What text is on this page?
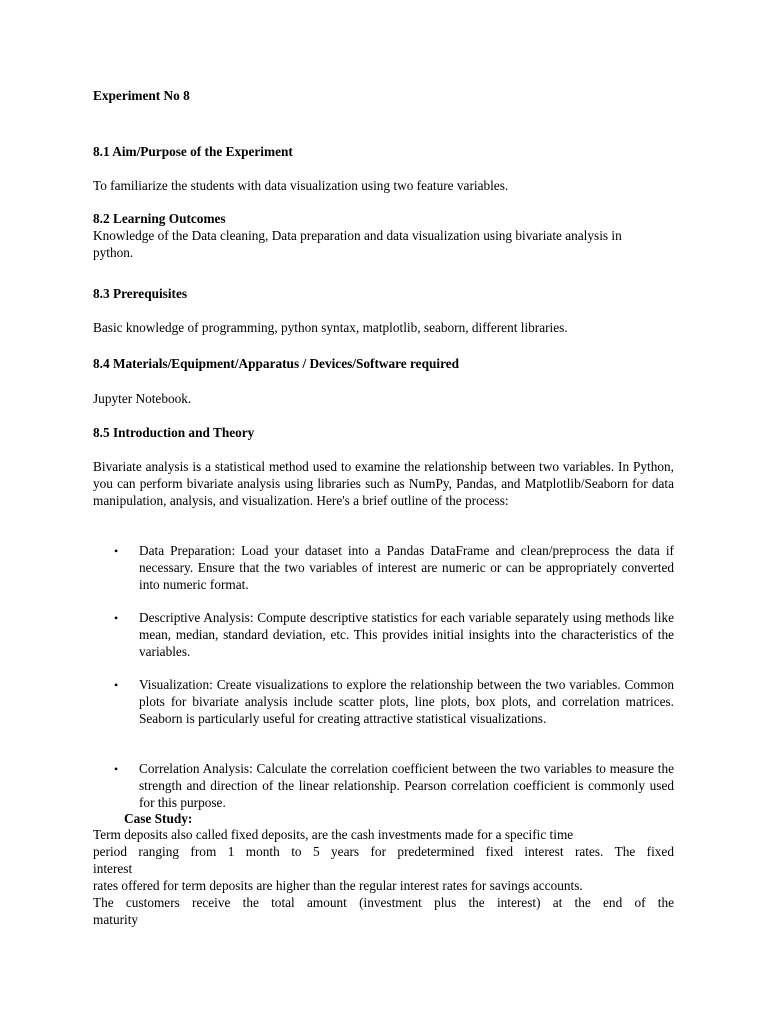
Experiment No 8

8.1 Aim/Purpose of the Experiment

To familiarize the students with data visualization using two feature variables.

8.2 Learning Outcomes

Knowledge of the Data cleaning, Data preparation and data visualization using bivariate analysis in python.

8.3 Prerequisites

Basic knowledge of programming, python syntax, matplotlib, seaborn, different libraries.

8.4 Materials/Equipment/Apparatus / Devices/Software required

Jupyter Notebook.

8.5 Introduction and Theory

Bivariate analysis is a statistical method used to examine the relationship between two variables. In Python, you can perform bivariate analysis using libraries such as NumPy, Pandas, and Matplotlib/Seaborn for data manipulation, analysis, and visualization. Here's a brief outline of the process:

•	Data Preparation: Load your dataset into a Pandas DataFrame and clean/preprocess the data if necessary. Ensure that the two variables of interest are numeric or can be appropriately converted into numeric format.

•	Descriptive Analysis: Compute descriptive statistics for each variable separately using methods like mean, median, standard deviation, etc. This provides initial insights into the characteristics of the variables.

•	Visualization: Create visualizations to explore the relationship between the two variables. Common plots for bivariate analysis include scatter plots, line plots, box plots, and correlation matrices. Seaborn is particularly useful for creating attractive statistical visualizations.

•	Correlation Analysis: Calculate the correlation coefficient between the two variables to measure the strength and direction of the linear relationship. Pearson correlation coefficient is commonly used for this purpose.

Case Study:

Term deposits also called fixed deposits, are the cash investments made for a specific time

period ranging from 1 month to 5 years for predetermined fixed interest rates. The fixed

interest

rates offered for term deposits are higher than the regular interest rates for savings accounts.

The customers receive the total amount (investment plus the interest) at the end of the

maturity
